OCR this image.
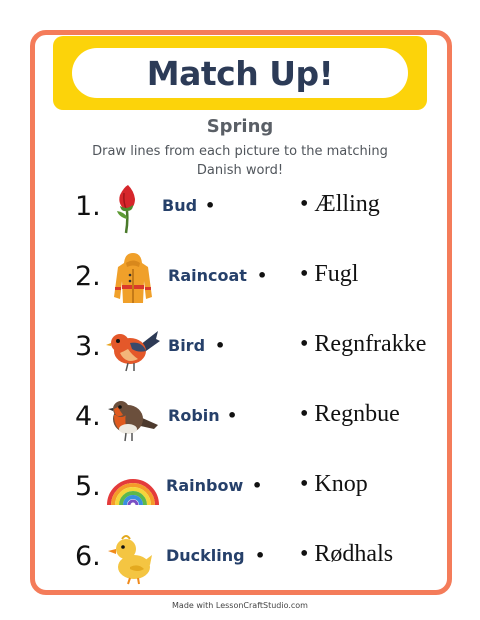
Match Up!
Spring
Draw lines from each picture to the matching Danish word!
1.	Bud •	• Ælling
2.	Raincoat • • Fugl
3.	Bird •	• Regnfrakke
4.	Robin •	• Regnbue
5.	Rainbow • • Knop
6.	Duckling • • Rødhals
Made with LessonCraftStudio.com
